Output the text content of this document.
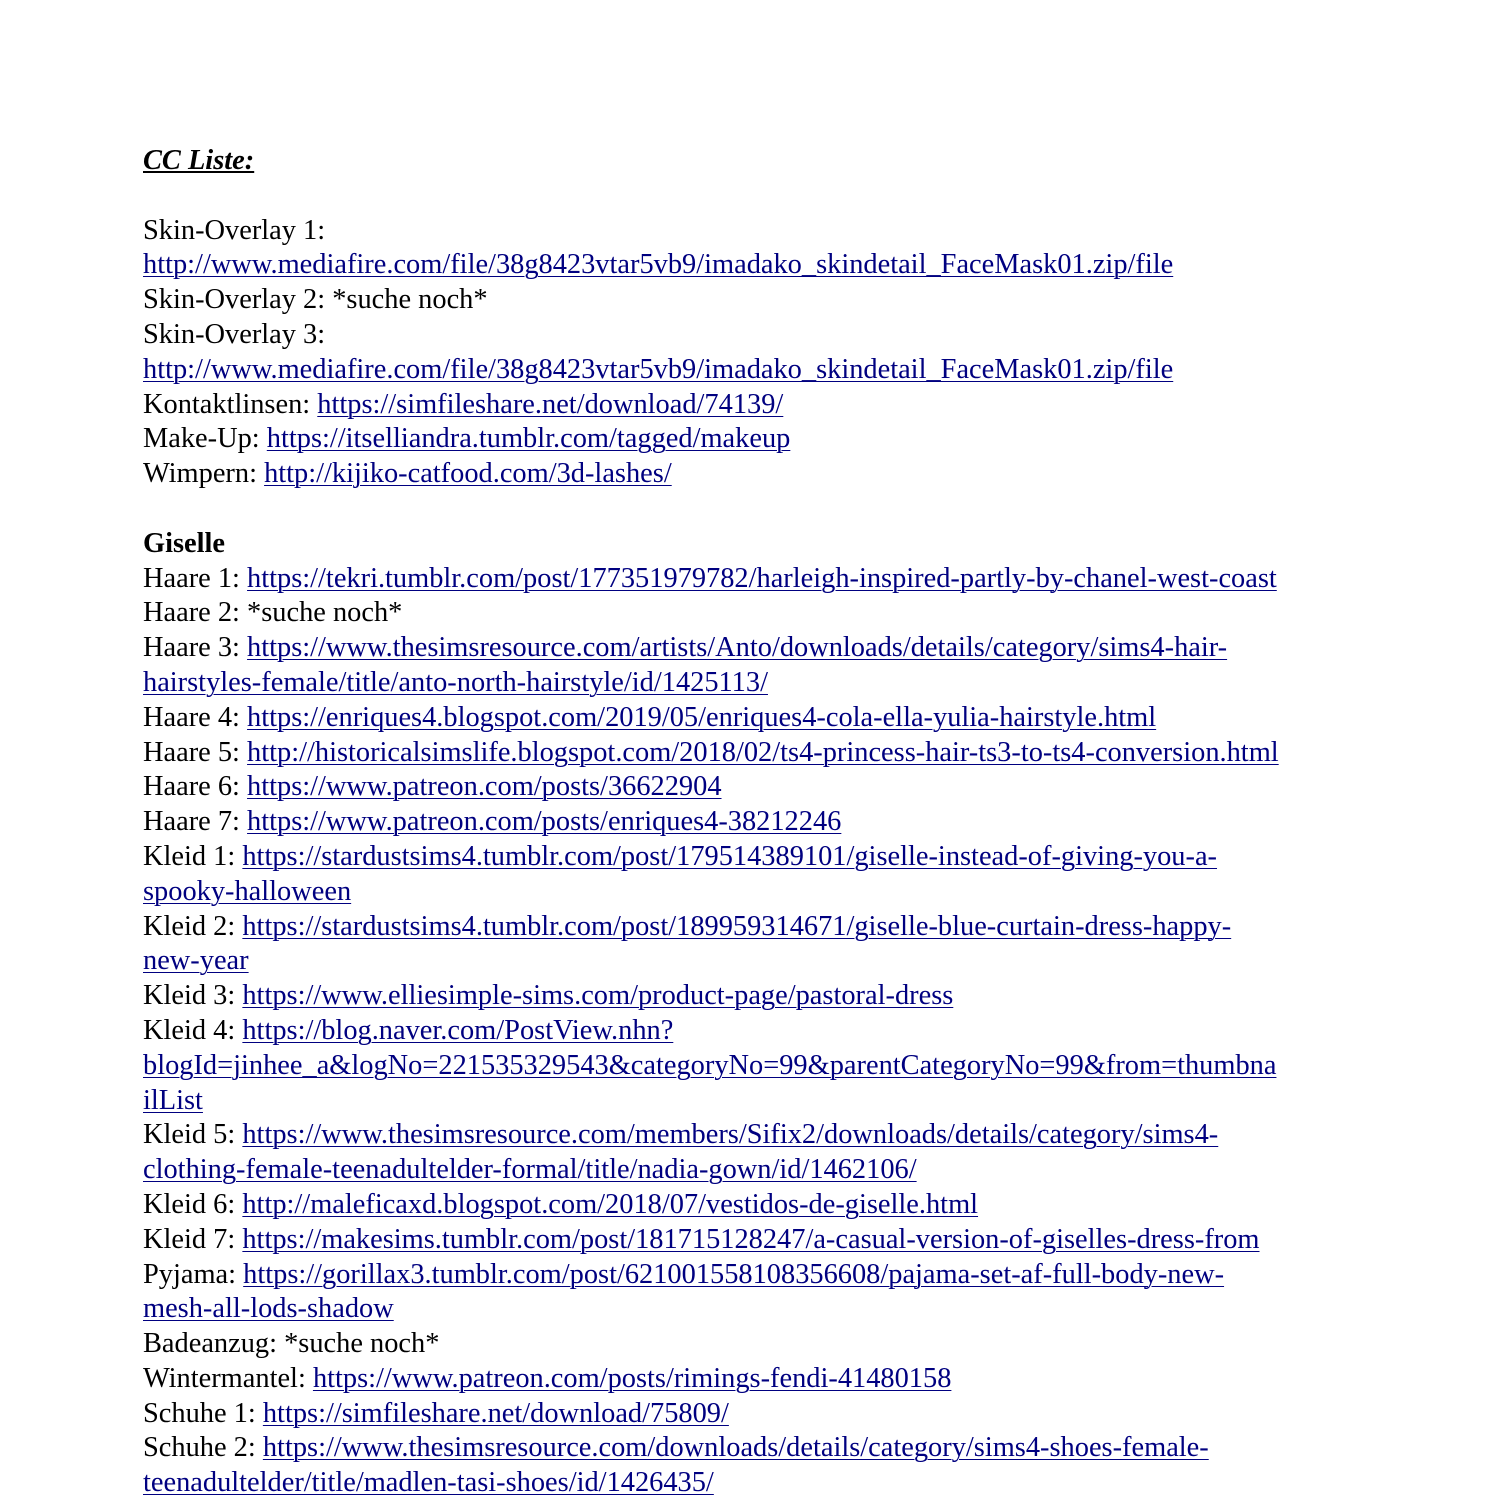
CC Liste:

Skin-Overlay 1:

http://www.mediafire.com/file/38g8423vtar5vb9/imadako_skindetail_FaceMask01.zip/file

Skin-Overlay 2: *suche noch*

Skin-Overlay 3:

http://www.mediafire.com/file/38g8423vtar5vb9/imadako_skindetail_FaceMask01.zip/file

Kontaktlinsen: https://simfileshare.net/download/74139/

Make-Up: https://itselliandra.tumblr.com/tagged/makeup

Wimpern: http://kijiko-catfood.com/3d-lashes/

Giselle

Haare 1: https://tekri.tumblr.com/post/177351979782/harleigh-inspired-partly-by-chanel-west-coast

Haare 2: *suche noch*

Haare 3: https://www.thesimsresource.com/artists/Anto/downloads/details/category/sims4-hair-
hairstyles-female/title/anto-north-hairstyle/id/1425113/

Haare 4: https://enriques4.blogspot.com/2019/05/enriques4-cola-ella-yulia-hairstyle.html

Haare 5: http://historicalsimslife.blogspot.com/2018/02/ts4-princess-hair-ts3-to-ts4-conversion.html

Haare 6: https://www.patreon.com/posts/36622904

Haare 7: https://www.patreon.com/posts/enriques4-38212246

Kleid 1: https://stardustsims4.tumblr.com/post/179514389101/giselle-instead-of-giving-you-a-
spooky-halloween

Kleid 2: https://stardustsims4.tumblr.com/post/189959314671/giselle-blue-curtain-dress-happy-
new-year

Kleid 3: https://www.elliesimple-sims.com/product-page/pastoral-dress

Kleid 4: https://blog.naver.com/PostView.nhn?
blogId=jinhee_a&logNo=221535329543&categoryNo=99&parentCategoryNo=99&from=thumbna
ilList

Kleid 5: https://www.thesimsresource.com/members/Sifix2/downloads/details/category/sims4-
clothing-female-teenadultelder-formal/title/nadia-gown/id/1462106/

Kleid 6: http://maleficaxd.blogspot.com/2018/07/vestidos-de-giselle.html

Kleid 7: https://makesims.tumblr.com/post/181715128247/a-casual-version-of-giselles-dress-from

Pyjama: https://gorillax3.tumblr.com/post/621001558108356608/pajama-set-af-full-body-new-
mesh-all-lods-shadow

Badeanzug: *suche noch*

Wintermantel: https://www.patreon.com/posts/rimings-fendi-41480158

Schuhe 1: https://simfileshare.net/download/75809/

Schuhe 2: https://www.thesimsresource.com/downloads/details/category/sims4-shoes-female-
teenadultelder/title/madlen-tasi-shoes/id/1426435/
